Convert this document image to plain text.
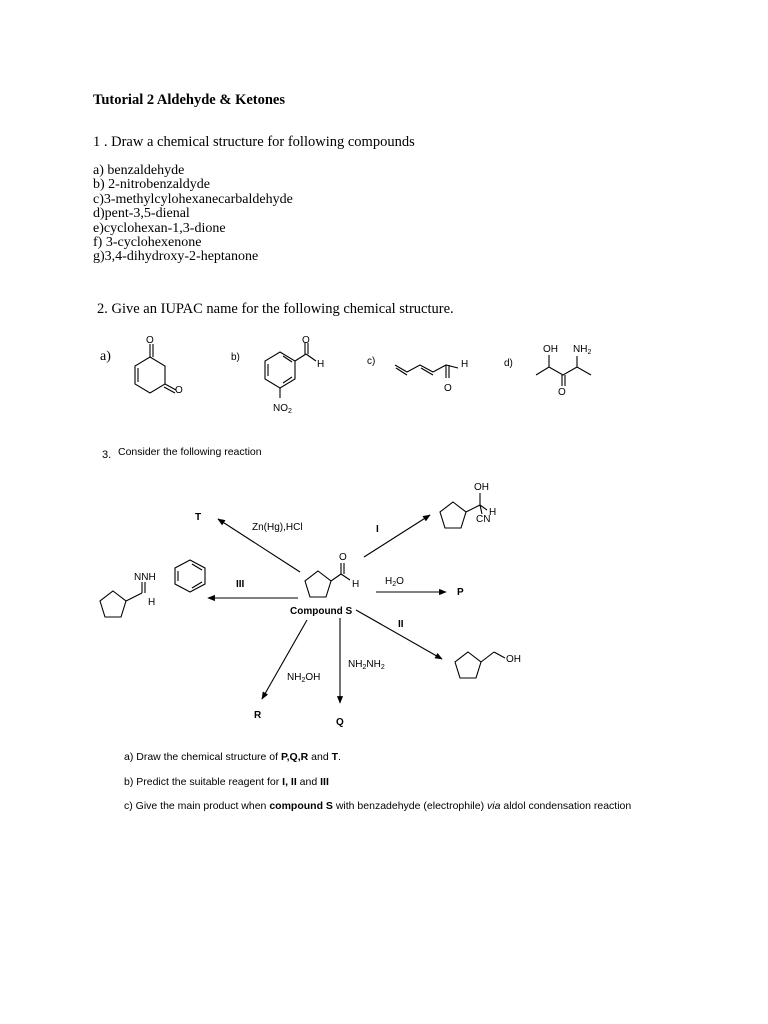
Tutorial 2 Aldehyde & Ketones
1 . Draw a chemical structure for following compounds
a) benzaldehyde
b) 2-nitrobenzaldyde
c)3-methylcylohexanecarbaldehyde
d)pent-3,5-dienal
e)cyclohexan-1,3-dione
f) 3-cyclohexenone
g)3,4-dihydroxy-2-heptanone
2. Give an IUPAC name for the following chemical structure.
a)	b)	c)	d)
3. Consider the following reaction
O
O
O
H
$NO_2$
H
O
OH $NH_2$
O
T
Zn(Hg),HCl	I
OH
H
CN
O
H
III	$H_2O$
P
NNH
H
Compound S
II
OH
$NH_2NH_2$
$NH_2OH$
R
Q
a) Draw the chemical structure of P,Q,R and T.
b) Predict the suitable reagent for I, II and III
c) Give the main product when compound S with benzadehyde (electrophile) via aldol condensation reaction
